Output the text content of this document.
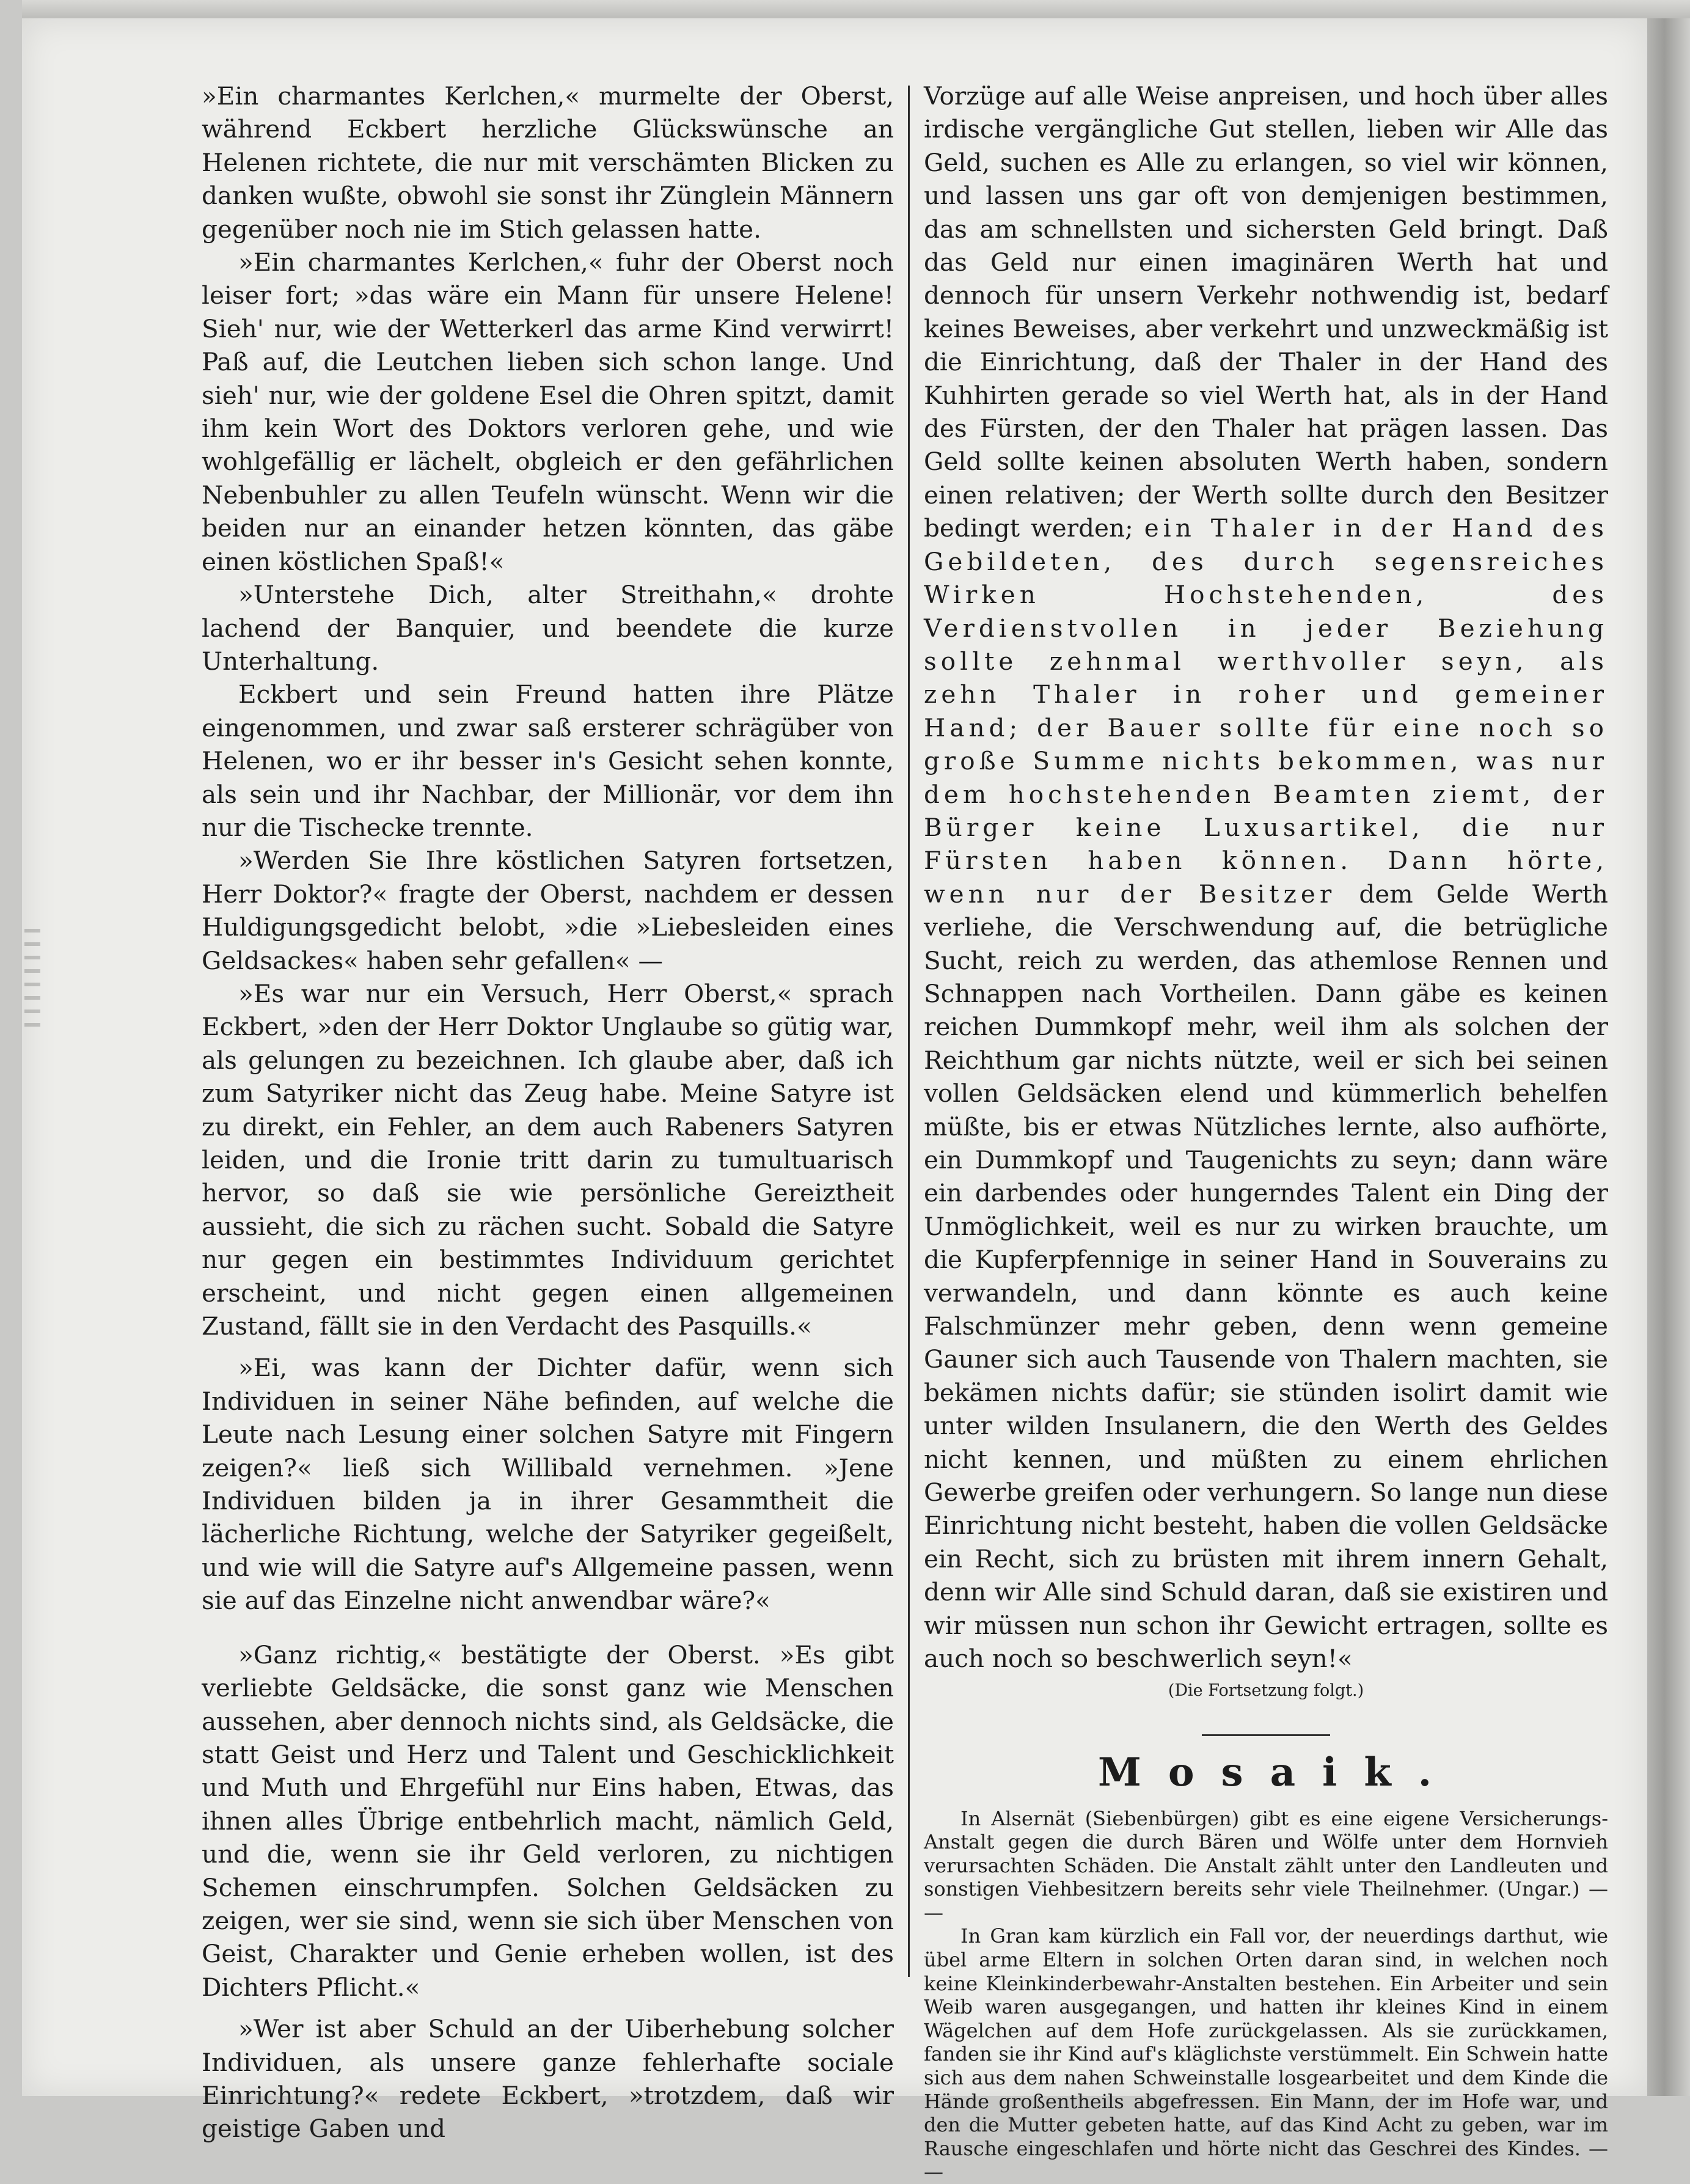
»Ein charmantes Kerlchen,« murmelte der Oberst, während Eckbert herzliche Glückswünsche an Helenen richtete, die nur mit verschämten Blicken zu danken wußte, obwohl sie sonst ihr Zünglein Männern gegenüber noch nie im Stich gelassen hatte.

»Ein charmantes Kerlchen,« fuhr der Oberst noch leiser fort; »das wäre ein Mann für unsere Helene! Sieh' nur, wie der Wetterkerl das arme Kind verwirrt! Paß auf, die Leutchen lieben sich schon lange. Und sieh' nur, wie der goldene Esel die Ohren spitzt, damit ihm kein Wort des Doktors verloren gehe, und wie wohlgefällig er lächelt, obgleich er den gefährlichen Nebenbuhler zu allen Teufeln wünscht. Wenn wir die beiden nur an einander hetzen könnten, das gäbe einen köstlichen Spaß!«

»Unterstehe Dich, alter Streithahn,« drohte lachend der Banquier, und beendete die kurze Unterhaltung.

Eckbert und sein Freund hatten ihre Plätze eingenommen, und zwar saß ersterer schrägüber von Helenen, wo er ihr besser in's Gesicht sehen konnte, als sein und ihr Nachbar, der Millionär, vor dem ihn nur die Tischecke trennte.

»Werden Sie Ihre köstlichen Satyren fortsetzen, Herr Doktor?« fragte der Oberst, nachdem er dessen Huldigungsgedicht belobt, »die »Liebesleiden eines Geldsackes« haben sehr gefallen« —

»Es war nur ein Versuch, Herr Oberst,« sprach Eckbert, »den der Herr Doktor Unglaube so gütig war, als gelungen zu bezeichnen. Ich glaube aber, daß ich zum Satyriker nicht das Zeug habe. Meine Satyre ist zu direkt, ein Fehler, an dem auch Rabeners Satyren leiden, und die Ironie tritt darin zu tumultuarisch hervor, so daß sie wie persönliche Gereiztheit aussieht, die sich zu rächen sucht. Sobald die Satyre nur gegen ein bestimmtes Individuum gerichtet erscheint, und nicht gegen einen allgemeinen Zustand, fällt sie in den Verdacht des Pasquills.«

»Ei, was kann der Dichter dafür, wenn sich Individuen in seiner Nähe befinden, auf welche die Leute nach Lesung einer solchen Satyre mit Fingern zeigen?« ließ sich Willibald vernehmen. »Jene Individuen bilden ja in ihrer Gesammtheit die lächerliche Richtung, welche der Satyriker gegeißelt, und wie will die Satyre auf's Allgemeine passen, wenn sie auf das Einzelne nicht anwendbar wäre?«

»Ganz richtig,« bestätigte der Oberst. »Es gibt verliebte Geldsäcke, die sonst ganz wie Menschen aussehen, aber dennoch nichts sind, als Geldsäcke, die statt Geist und Herz und Talent und Geschicklichkeit und Muth und Ehrgefühl nur Eins haben, Etwas, das ihnen alles Übrige entbehrlich macht, nämlich Geld, und die, wenn sie ihr Geld verloren, zu nichtigen Schemen einschrumpfen. Solchen Geldsäcken zu zeigen, wer sie sind, wenn sie sich über Menschen von Geist, Charakter und Genie erheben wollen, ist des Dichters Pflicht.«

»Wer ist aber Schuld an der Uiberhebung solcher Individuen, als unsere ganze fehlerhafte sociale Einrichtung?« redete Eckbert, »trotzdem, daß wir geistige Gaben und

Vorzüge auf alle Weise anpreisen, und hoch über alles irdische vergängliche Gut stellen, lieben wir Alle das Geld, suchen es Alle zu erlangen, so viel wir können, und lassen uns gar oft von demjenigen bestimmen, das am schnellsten und sichersten Geld bringt. Daß das Geld nur einen imaginären Werth hat und dennoch für unsern Verkehr nothwendig ist, bedarf keines Beweises, aber verkehrt und unzweckmäßig ist die Einrichtung, daß der Thaler in der Hand des Kuhhirten gerade so viel Werth hat, als in der Hand des Fürsten, der den Thaler hat prägen lassen. Das Geld sollte keinen absoluten Werth haben, sondern einen relativen; der Werth sollte durch den Besitzer bedingt werden; ein Thaler in der Hand des Gebildeten, des durch segensreiches Wirken Hochstehenden, des Verdienstvollen in jeder Beziehung sollte zehnmal werthvoller seyn, als zehn Thaler in roher und gemeiner Hand; der Bauer sollte für eine noch so große Summe nichts bekommen, was nur dem hochstehenden Beamten ziemt, der Bürger keine Luxusartikel, die nur Fürsten haben können. Dann hörte, wenn nur der Besitzer dem Gelde Werth verliehe, die Verschwendung auf, die betrügliche Sucht, reich zu werden, das athemlose Rennen und Schnappen nach Vortheilen. Dann gäbe es keinen reichen Dummkopf mehr, weil ihm als solchen der Reichthum gar nichts nützte, weil er sich bei seinen vollen Geldsäcken elend und kümmerlich behelfen müßte, bis er etwas Nützliches lernte, also aufhörte, ein Dummkopf und Taugenichts zu seyn; dann wäre ein darbendes oder hungerndes Talent ein Ding der Unmöglichkeit, weil es nur zu wirken brauchte, um die Kupferpfennige in seiner Hand in Souverains zu verwandeln, und dann könnte es auch keine Falschmünzer mehr geben, denn wenn gemeine Gauner sich auch Tausende von Thalern machten, sie bekämen nichts dafür; sie stünden isolirt damit wie unter wilden Insulanern, die den Werth des Geldes nicht kennen, und müßten zu einem ehrlichen Gewerbe greifen oder verhungern. So lange nun diese Einrichtung nicht besteht, haben die vollen Geldsäcke ein Recht, sich zu brüsten mit ihrem innern Gehalt, denn wir Alle sind Schuld daran, daß sie existiren und wir müssen nun schon ihr Gewicht ertragen, sollte es auch noch so beschwerlich seyn!«

(Die Fortsetzung folgt.)

Mosaik.

In Alsernät (Siebenbürgen) gibt es eine eigene Versicherungs-Anstalt gegen die durch Bären und Wölfe unter dem Hornvieh verursachten Schäden. Die Anstalt zählt unter den Landleuten und sonstigen Viehbesitzern bereits sehr viele Theilnehmer. (Ungar.) — —

In Gran kam kürzlich ein Fall vor, der neuerdings darthut, wie übel arme Eltern in solchen Orten daran sind, in welchen noch keine Kleinkinderbewahr-Anstalten bestehen. Ein Arbeiter und sein Weib waren ausgegangen, und hatten ihr kleines Kind in einem Wägelchen auf dem Hofe zurückgelassen. Als sie zurückkamen, fanden sie ihr Kind auf's kläglichste verstümmelt. Ein Schwein hatte sich aus dem nahen Schweinstalle losgearbeitet und dem Kinde die Hände großentheils abgefressen. Ein Mann, der im Hofe war, und den die Mutter gebeten hatte, auf das Kind Acht zu geben, war im Rausche eingeschlafen und hörte nicht das Geschrei des Kindes. — —
